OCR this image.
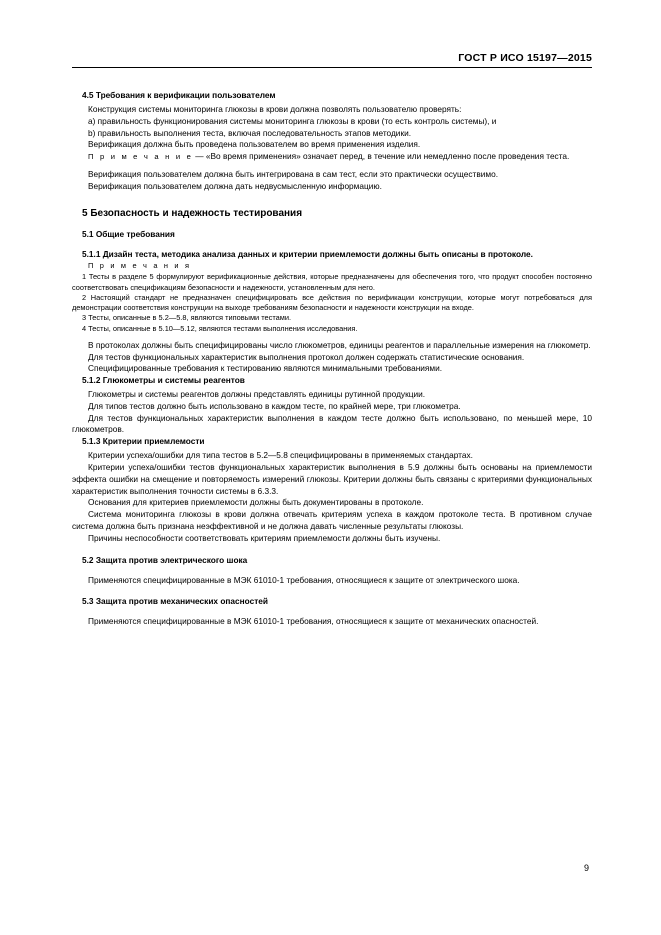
ГОСТ Р ИСО 15197—2015
4.5 Требования к верификации пользователем

Конструкция системы мониторинга глюкозы в крови должна позволять пользователю проверять:

a) правильность функционирования системы мониторинга глюкозы в крови (то есть контроль системы), и

b) правильность выполнения теста, включая последовательность этапов методики.

Верификация должна быть проведена пользователем во время применения изделия.

П р и м е ч а н и е — «Во время применения» означает перед, в течение или немедленно после проведения теста.

Верификация пользователем должна быть интегрирована в сам тест, если это практически осуществимо.

Верификация пользователем должна дать недвусмысленную информацию.

5 Безопасность и надежность тестирования
5.1 Общие требования

5.1.1 Дизайн теста, методика анализа данных и критерии приемлемости должны быть описаны в протоколе.

П р и м е ч а н и я

1 Тесты в разделе 5 формулируют верификационные действия, которые предназначены для обеспечения того, что продукт способен постоянно соответствовать спецификациям безопасности и надежности, установленным для него.

2 Настоящий стандарт не предназначен специфицировать все действия по верификации конструкции, которые могут потребоваться для демонстрации соответствия конструкции на выходе требованиям безопасности и надежности конструкции на входе.

3 Тесты, описанные в 5.2—5.8, являются типовыми тестами.

4 Тесты, описанные в 5.10—5.12, являются тестами выполнения исследования.

В протоколах должны быть специфицированы число глюкометров, единицы реагентов и параллельные измерения на глюкометр.

Для тестов функциональных характеристик выполнения протокол должен содержать статистические основания.

Специфицированные требования к тестированию являются минимальными требованиями.

5.1.2 Глюкометры и системы реагентов

Глюкометры и системы реагентов должны представлять единицы рутинной продукции.

Для типов тестов должно быть использовано в каждом тесте, по крайней мере, три глюкометра.

Для тестов функциональных характеристик выполнения в каждом тесте должно быть использовано, по меньшей мере, 10 глюкометров.

5.1.3 Критерии приемлемости

Критерии успеха/ошибки для типа тестов в 5.2—5.8 специфицированы в применяемых стандартах.

Критерии успеха/ошибки тестов функциональных характеристик выполнения в 5.9 должны быть основаны на приемлемости эффекта ошибки на смещение и повторяемость измерений глюкозы. Критерии должны быть связаны с критериями функциональных характеристик выполнения точности системы в 6.3.3.

Основания для критериев приемлемости должны быть документированы в протоколе.

Система мониторинга глюкозы в крови должна отвечать критериям успеха в каждом протоколе теста. В противном случае система должна быть признана неэффективной и не должна давать численные результаты глюкозы.

Причины неспособности соответствовать критериям приемлемости должны быть изучены.

5.2 Защита против электрического шока

Применяются специфицированные в МЭК 61010-1 требования, относящиеся к защите от электрического шока.

5.3 Защита против механических опасностей

Применяются специфицированные в МЭК 61010-1 требования, относящиеся к защите от механических опасностей.

9
